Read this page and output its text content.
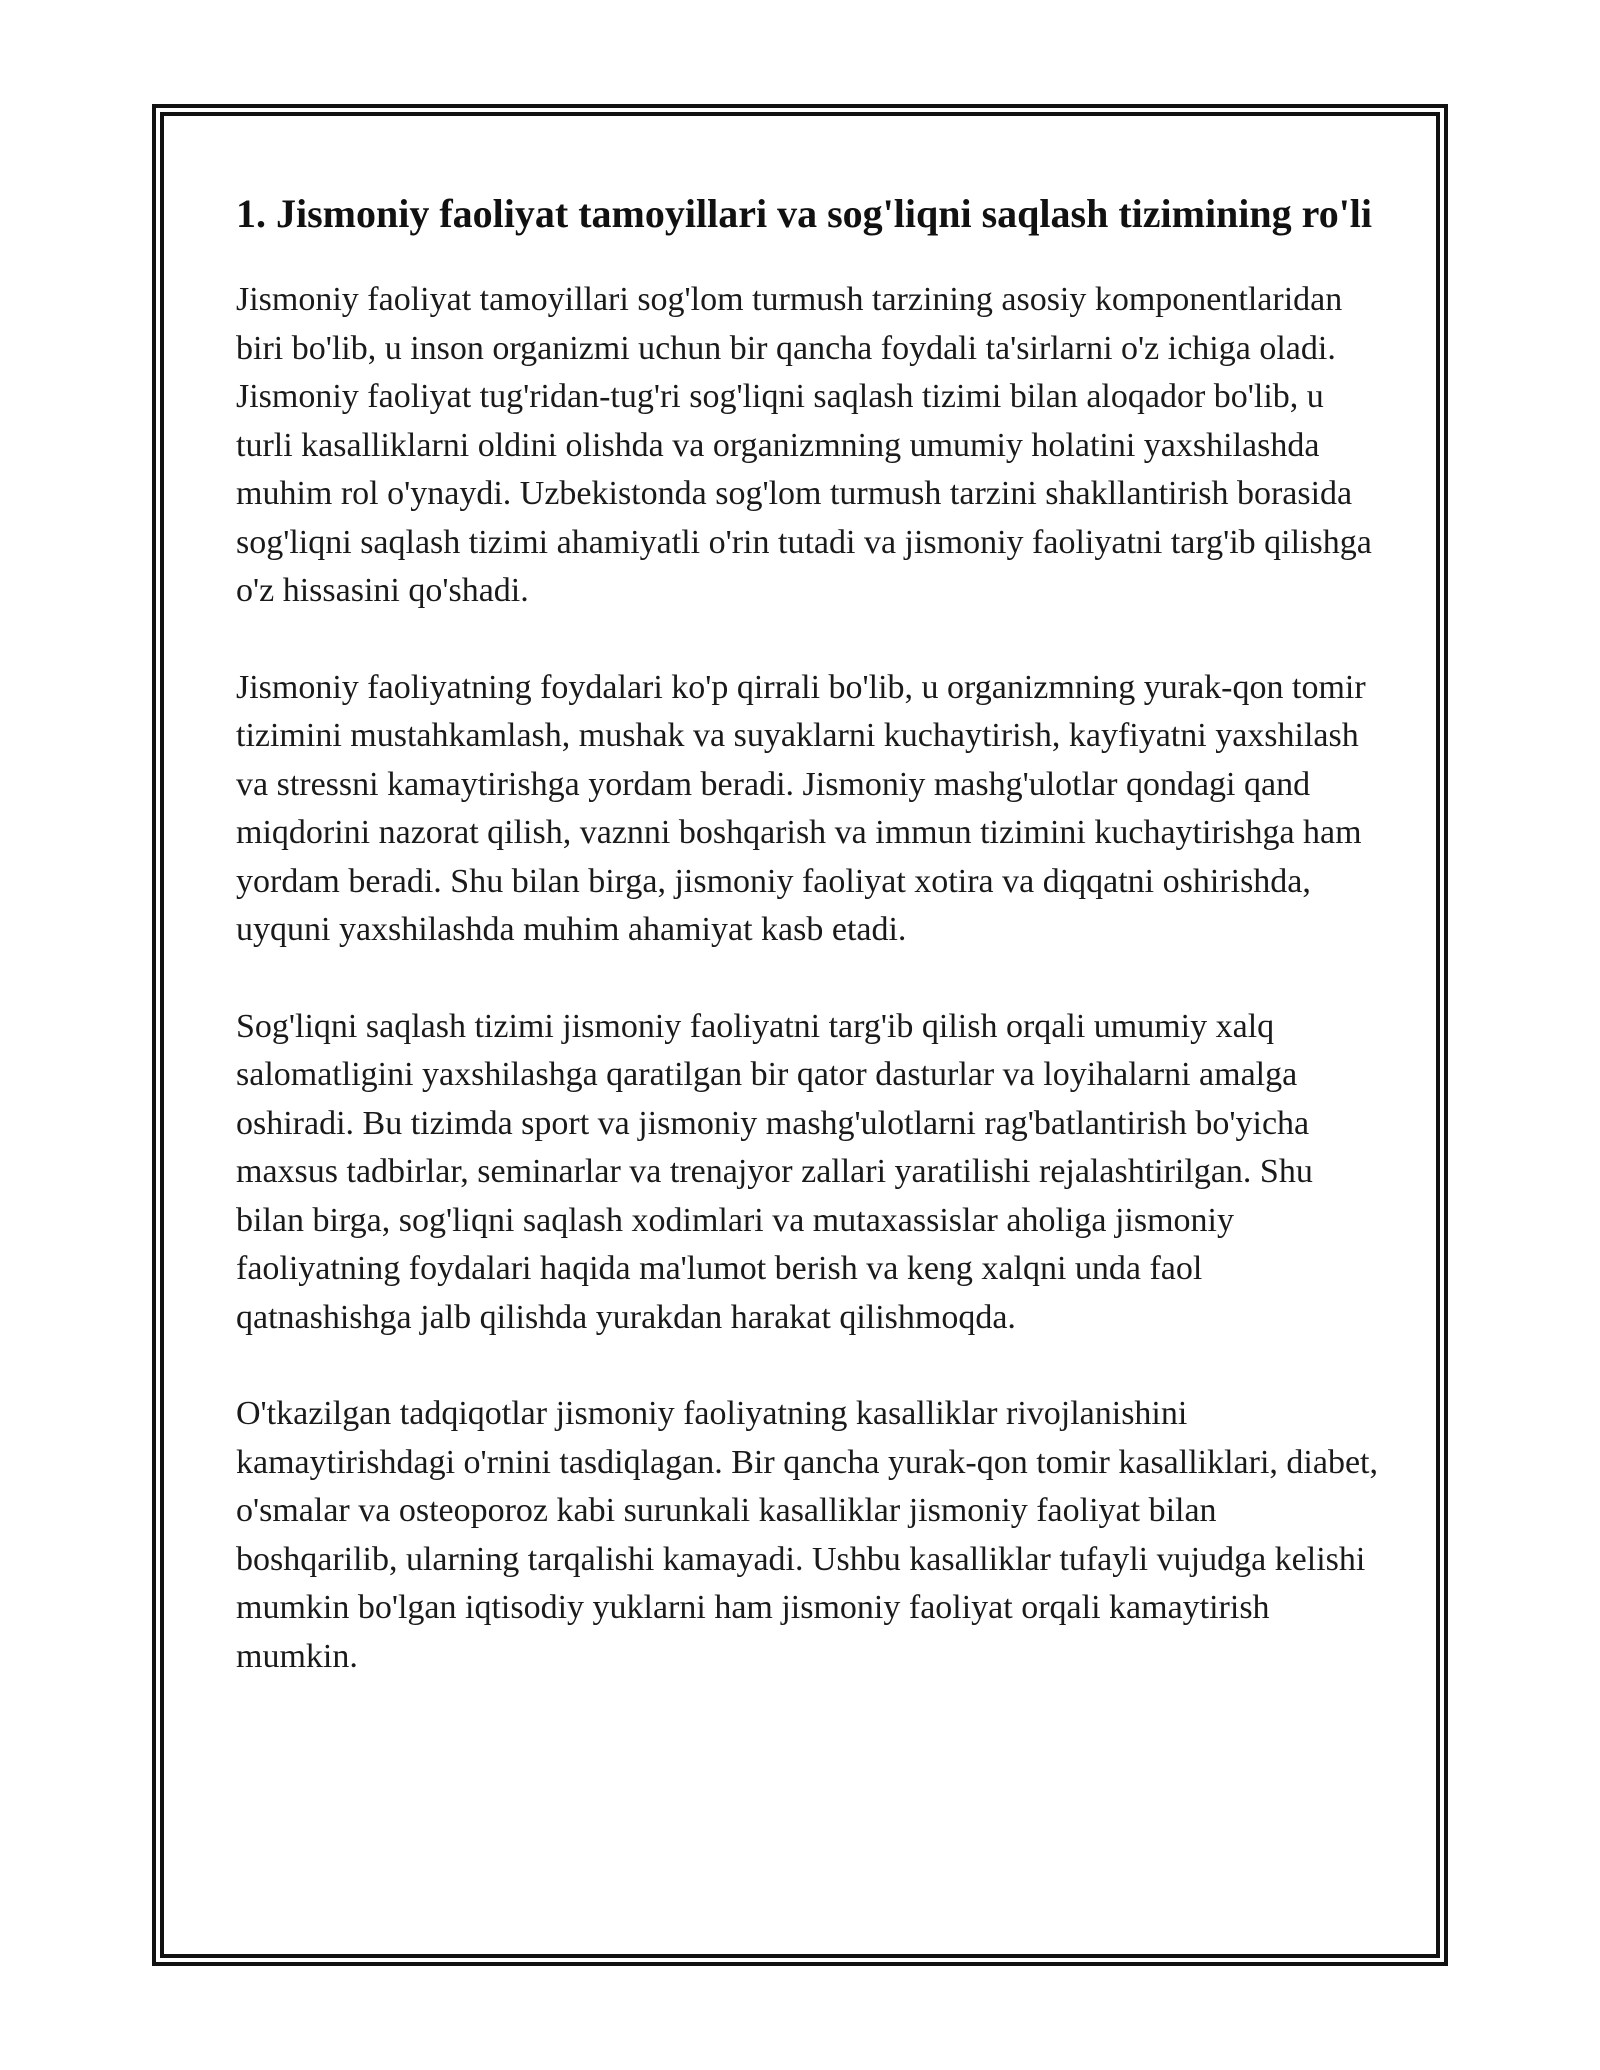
1. Jismoniy faoliyat tamoyillari va sog'liqni saqlash tizimining ro'li

Jismoniy faoliyat tamoyillari sog'lom turmush tarzining asosiy komponentlaridan biri bo'lib, u inson organizmi uchun bir qancha foydali ta'sirlarni o'z ichiga oladi. Jismoniy faoliyat tug'ridan-tug'ri sog'liqni saqlash tizimi bilan aloqador bo'lib, u turli kasalliklarni oldini olishda va organizmning umumiy holatini yaxshilashda muhim rol o'ynaydi. Uzbekistonda sog'lom turmush tarzini shakllantirish borasida sog'liqni saqlash tizimi ahamiyatli o'rin tutadi va jismoniy faoliyatni targ'ib qilishga o'z hissasini qo'shadi.

Jismoniy faoliyatning foydalari ko'p qirrali bo'lib, u organizmning yurak-qon tomir tizimini mustahkamlash, mushak va suyaklarni kuchaytirish, kayfiyatni yaxshilash va stressni kamaytirishga yordam beradi. Jismoniy mashg'ulotlar qondagi qand miqdorini nazorat qilish, vaznni boshqarish va immun tizimini kuchaytirishga ham yordam beradi. Shu bilan birga, jismoniy faoliyat xotira va diqqatni oshirishda, uyquni yaxshilashda muhim ahamiyat kasb etadi.

Sog'liqni saqlash tizimi jismoniy faoliyatni targ'ib qilish orqali umumiy xalq salomatligini yaxshilashga qaratilgan bir qator dasturlar va loyihalarni amalga oshiradi. Bu tizimda sport va jismoniy mashg'ulotlarni rag'batlantirish bo'yicha maxsus tadbirlar, seminarlar va trenajyor zallari yaratilishi rejalashtirilgan. Shu bilan birga, sog'liqni saqlash xodimlari va mutaxassislar aholiga jismoniy faoliyatning foydalari haqida ma'lumot berish va keng xalqni unda faol qatnashishga jalb qilishda yurakdan harakat qilishmoqda.

O'tkazilgan tadqiqotlar jismoniy faoliyatning kasalliklar rivojlanishini kamaytirishdagi o'rnini tasdiqlagan. Bir qancha yurak-qon tomir kasalliklari, diabet, o'smalar va osteoporoz kabi surunkali kasalliklar jismoniy faoliyat bilan boshqarilib, ularning tarqalishi kamayadi. Ushbu kasalliklar tufayli vujudga kelishi mumkin bo'lgan iqtisodiy yuklarni ham jismoniy faoliyat orqali kamaytirish mumkin.
